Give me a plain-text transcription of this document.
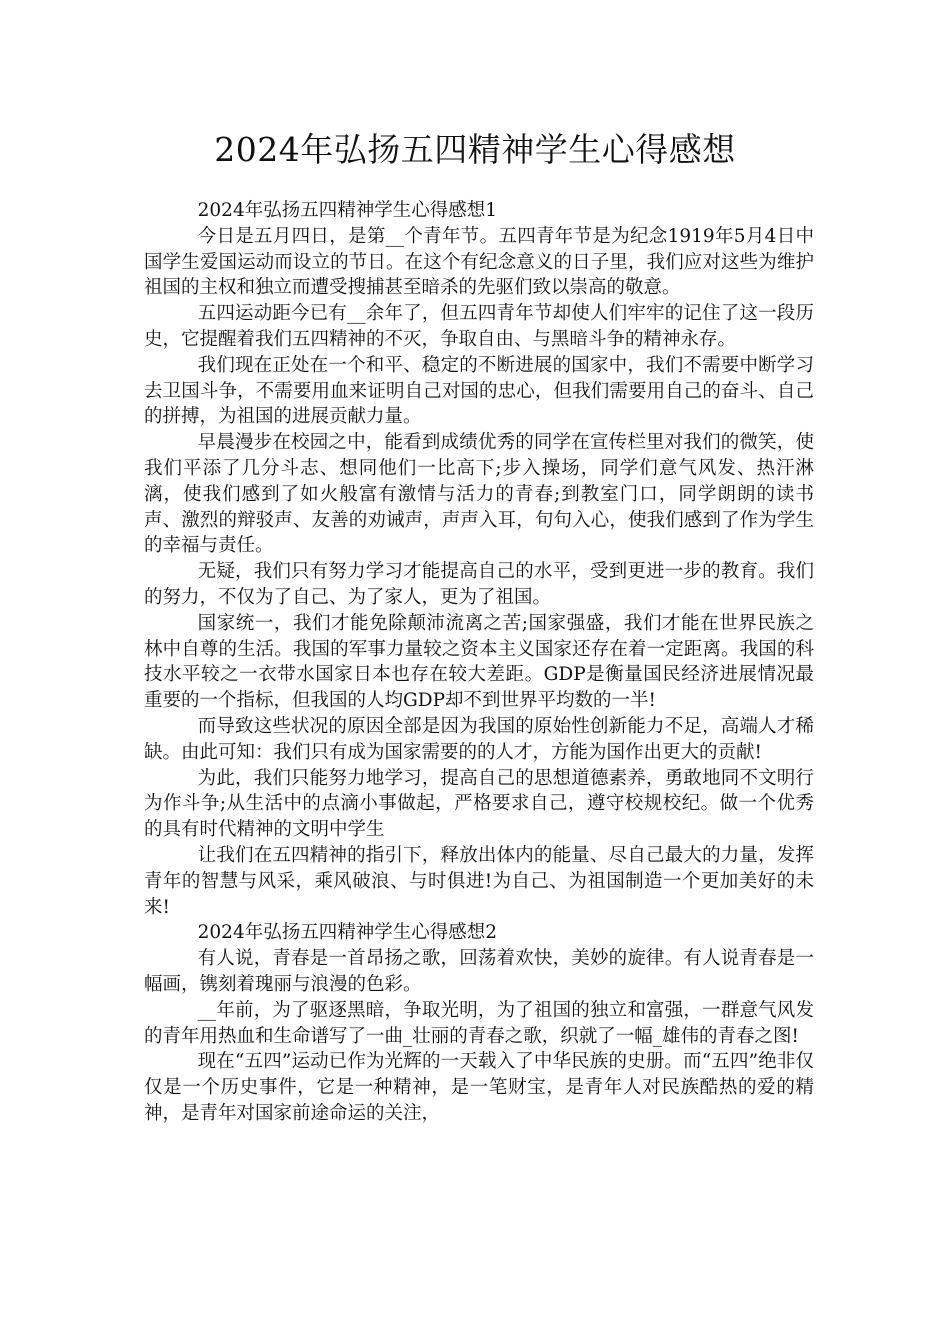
2024年弘扬五四精神学生心得感想

2024年弘扬五四精神学生心得感想1

今日是五月四日，是第__个青年节。五四青年节是为纪念1919年5月4日中国学生爱国运动而设立的节日。在这个有纪念意义的日子里，我们应对这些为维护祖国的主权和独立而遭受搜捕甚至暗杀的先驱们致以崇高的敬意。

五四运动距今已有__余年了，但五四青年节却使人们牢牢的记住了这一段历史，它提醒着我们五四精神的不灭，争取自由、与黑暗斗争的精神永存。

我们现在正处在一个和平、稳定的不断进展的国家中，我们不需要中断学习去卫国斗争，不需要用血来证明自己对国的忠心，但我们需要用自己的奋斗、自己的拼搏，为祖国的进展贡献力量。

早晨漫步在校园之中，能看到成绩优秀的同学在宣传栏里对我们的微笑，使我们平添了几分斗志、想同他们一比高下;步入操场，同学们意气风发、热汗淋漓，使我们感到了如火般富有激情与活力的青春;到教室门口，同学朗朗的读书声、激烈的辩驳声、友善的劝诫声，声声入耳，句句入心，使我们感到了作为学生的幸福与责任。

无疑，我们只有努力学习才能提高自己的水平，受到更进一步的教育。我们的努力，不仅为了自己、为了家人，更为了祖国。

国家统一，我们才能免除颠沛流离之苦;国家强盛，我们才能在世界民族之林中自尊的生活。我国的军事力量较之资本主义国家还存在着一定距离。我国的科技水平较之一衣带水国家日本也存在较大差距。GDP是衡量国民经济进展情况最重要的一个指标，但我国的人均GDP却不到世界平均数的一半!

而导致这些状况的原因全部是因为我国的原始性创新能力不足，高端人才稀缺。由此可知：我们只有成为国家需要的的人才，方能为国作出更大的贡献!

为此，我们只能努力地学习，提高自己的思想道德素养，勇敢地同不文明行为作斗争;从生活中的点滴小事做起，严格要求自己，遵守校规校纪。做一个优秀的具有时代精神的文明中学生

让我们在五四精神的指引下，释放出体内的能量、尽自己最大的力量，发挥青年的智慧与风采，乘风破浪、与时俱进!为自己、为祖国制造一个更加美好的未来!

2024年弘扬五四精神学生心得感想2

有人说，青春是一首昂扬之歌，回荡着欢快，美妙的旋律。有人说青春是一幅画，镌刻着瑰丽与浪漫的色彩。

__年前，为了驱逐黑暗，争取光明，为了祖国的独立和富强，一群意气风发的青年用热血和生命谱写了一曲_壮丽的青春之歌，织就了一幅_雄伟的青春之图!

现在“五四”运动已作为光辉的一天载入了中华民族的史册。而“五四”绝非仅仅是一个历史事件，它是一种精神，是一笔财宝，是青年人对民族酷热的爱的精神，是青年对国家前途命运的关注，
